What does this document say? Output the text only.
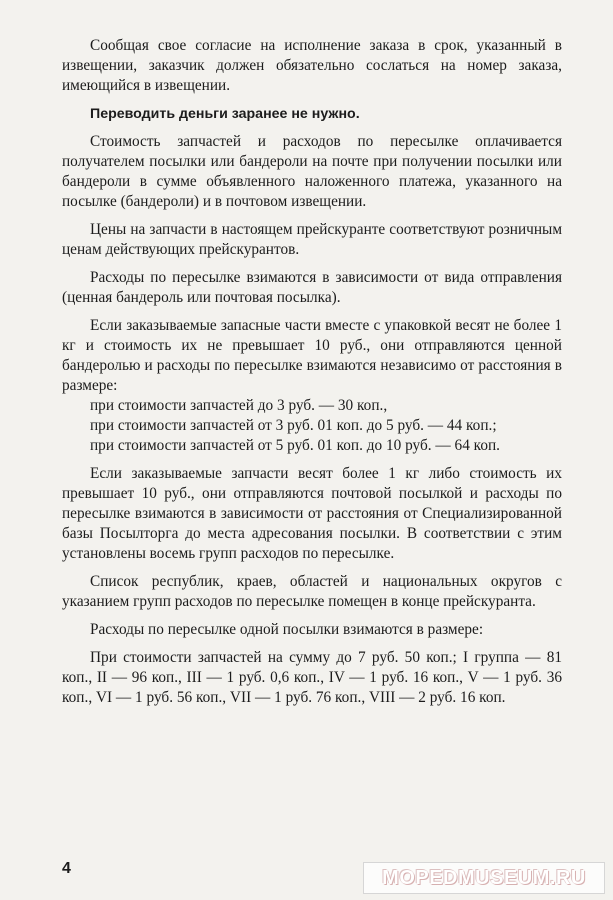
Сообщая свое согласие на исполнение заказа в срок, указанный в извещении, заказчик должен обязательно сослаться на номер заказа, имеющийся в извещении.

Переводить деньги заранее не нужно.

Стоимость запчастей и расходов по пересылке оплачивается получателем посылки или бандероли на почте при получении посылки или бандероли в сумме объявленного наложенного платежа, указанного на посылке (бандероли) и в почтовом извещении.

Цены на запчасти в настоящем прейскуранте соответствуют розничным ценам действующих прейскурантов.

Расходы по пересылке взимаются в зависимости от вида отправления (ценная бандероль или почтовая посылка).

Если заказываемые запасные части вместе с упаковкой весят не более 1 кг и стоимость их не превышает 10 руб., они отправляются ценной бандеролью и расходы по пересылке взимаются независимо от расстояния в размере:

при стоимости запчастей до 3 руб. — 30 коп.,
при стоимости запчастей от 3 руб. 01 коп. до 5 руб. — 44 коп.;
при стоимости запчастей от 5 руб. 01 коп. до 10 руб. — 64 коп.

Если заказываемые запчасти весят более 1 кг либо стоимость их превышает 10 руб., они отправляются почтовой посылкой и расходы по пересылке взимаются в зависимости от расстояния от Специализированной базы Посылторга до места адресования посылки. В соответствии с этим установлены восемь групп расходов по пересылке.

Список республик, краев, областей и национальных округов с указанием групп расходов по пересылке помещен в конце прейскуранта.

Расходы по пересылке одной посылки взимаются в размере:

При стоимости запчастей на сумму до 7 руб. 50 коп.; I группа — 81 коп., II — 96 коп., III — 1 руб. 0,6 коп., IV — 1 руб. 16 коп., V — 1 руб. 36 коп., VI — 1 руб. 56 коп., VII — 1 руб. 76 коп., VIII — 2 руб. 16 коп.

4	MOPEDMUSEUM.RU
